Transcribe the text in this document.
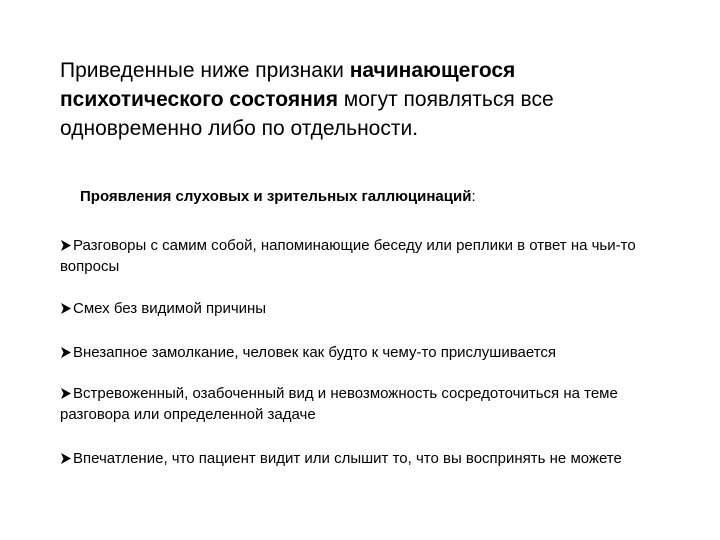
Приведенные ниже признаки начинающегося психотического состояния могут появляться все одновременно либо по отдельности.

Проявления слуховых и зрительных галлюцинаций:

Разговоры с самим собой, напоминающие беседу или реплики в ответ на чьи-то вопросы
Смех без видимой причины
Внезапное замолкание, человек как будто к чему-то прислушивается
Встревоженный, озабоченный вид и невозможность сосредоточиться на теме разговора или определенной задаче
Впечатление, что пациент видит или слышит то, что вы воспринять не можете
